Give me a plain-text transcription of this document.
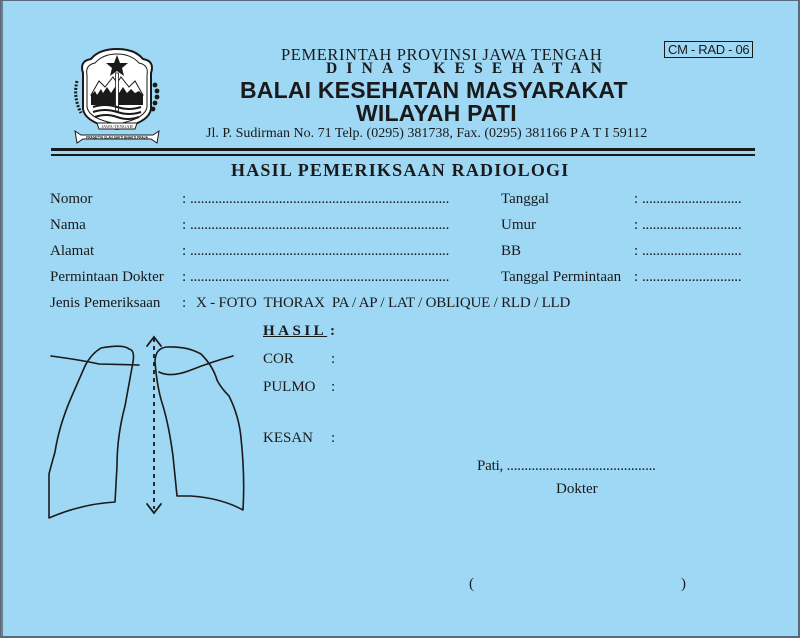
JAWA-TENGAH
PRASETYA ULAH SAKTI BHAKTI PRAJA
PEMERINTAH PROVINSI JAWA TENGAH
DINAS KESEHATAN
BALAI KESEHATAN MASYARAKAT
WILAYAH PATI
Jl. P. Sudirman No. 71 Telp. (0295) 381738, Fax. (0295) 381166 P A T I 59112
CM - RAD - 06
HASIL PEMERIKSAAN RADIOLOGI
Nomor	: .........................................................................
Nama	: .........................................................................
Alamat	: .........................................................................
Permintaan Dokter : .........................................................................
Tanggal	: ............................
Umur	: ............................
BB	: ............................
Tanggal Permintaan : ............................
Jenis Pemeriksaan : X - FOTO  THORAX  PA / AP / LAT / OBLIQUE / RLD / LLD
HASIL :
COR :
PULMO :
KESAN :
Pati, ..........................................
Dokter
(	)
